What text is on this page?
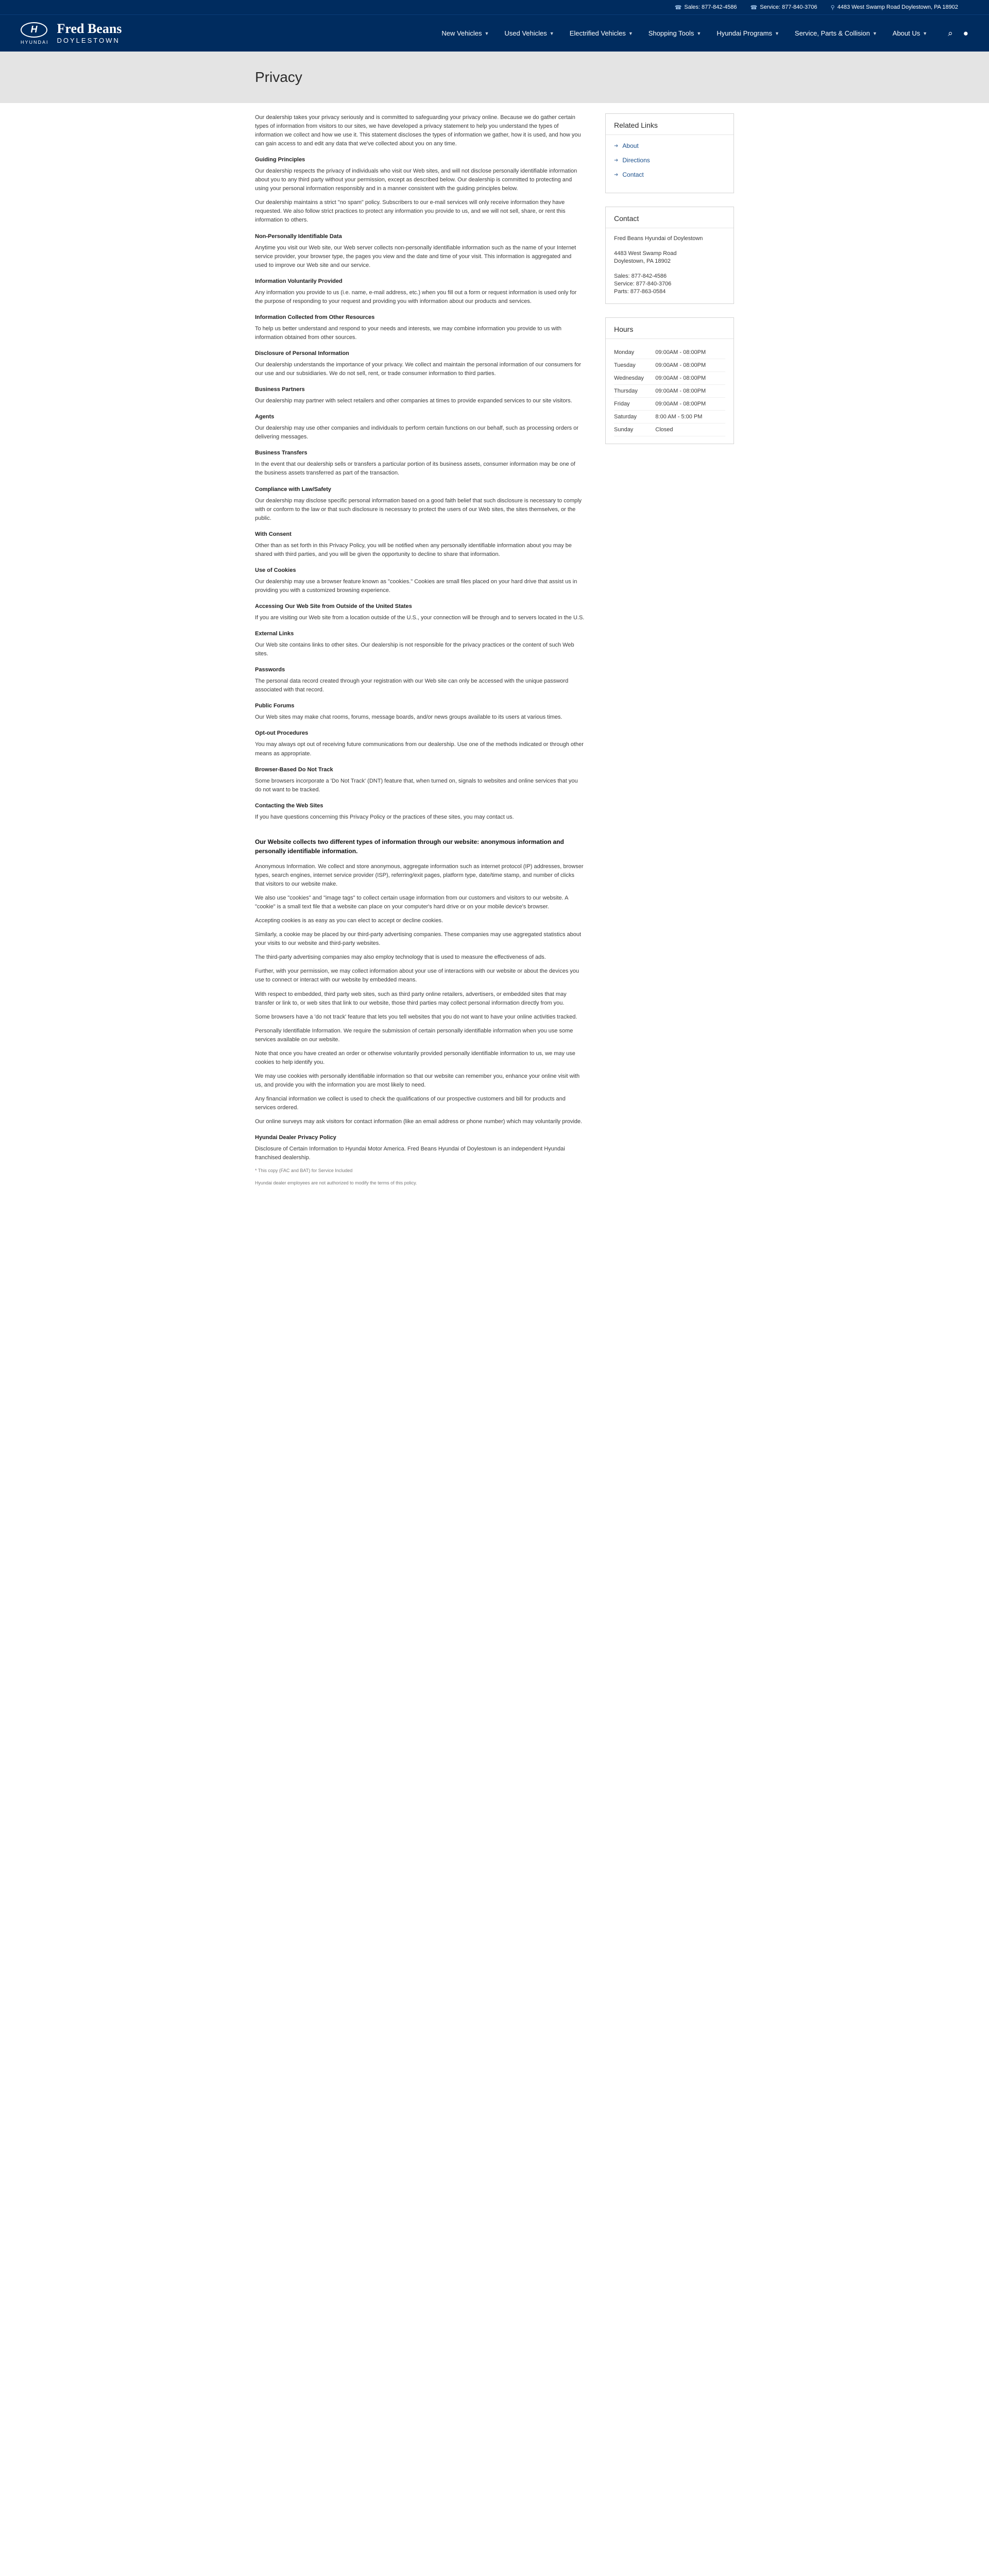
☎ Sales: 877-842-4586 ☎ Service: 877-840-3706 ⚲ 4483 West Swamp Road Doylestown, PA 18902
H
HYUNDAI
Fred Beans
DOYLESTOWN
New Vehicles ▼ Used Vehicles ▼ Electrified Vehicles ▼ Shopping Tools ▼ Hyundai Programs ▼ Service, Parts & Collision ▼ About Us ▼ ⌕ ●
Privacy

Our dealership takes your privacy seriously and is committed to safeguarding your privacy online. Because we do gather certain types of information from visitors to our sites, we have developed a privacy statement to help you understand the types of information we collect and how we use it. This statement discloses the types of information we gather, how it is used, and how you can gain access to and edit any data that we've collected about you on any time.

Guiding Principles

Our dealership respects the privacy of individuals who visit our Web sites, and will not disclose personally identifiable information about you to any third party without your permission, except as described below. Our dealership is committed to protecting and using your personal information responsibly and in a manner consistent with the guiding principles below.

Our dealership maintains a strict "no spam" policy. Subscribers to our e-mail services will only receive information they have requested. We also follow strict practices to protect any information you provide to us, and we will not sell, share, or rent this information to others.

Non-Personally Identifiable Data

Anytime you visit our Web site, our Web server collects non-personally identifiable information such as the name of your Internet service provider, your browser type, the pages you view and the date and time of your visit. This information is aggregated and used to improve our Web site and our service.

Information Voluntarily Provided

Any information you provide to us (i.e. name, e-mail address, etc.) when you fill out a form or request information is used only for the purpose of responding to your request and providing you with information about our products and services.

Information Collected from Other Resources

To help us better understand and respond to your needs and interests, we may combine information you provide to us with information obtained from other sources.

Disclosure of Personal Information

Our dealership understands the importance of your privacy. We collect and maintain the personal information of our consumers for our use and our subsidiaries. We do not sell, rent, or trade consumer information to third parties.

Business Partners

Our dealership may partner with select retailers and other companies at times to provide expanded services to our site visitors.

Agents

Our dealership may use other companies and individuals to perform certain functions on our behalf, such as processing orders or delivering messages.

Business Transfers

In the event that our dealership sells or transfers a particular portion of its business assets, consumer information may be one of the business assets transferred as part of the transaction.

Compliance with Law/Safety

Our dealership may disclose specific personal information based on a good faith belief that such disclosure is necessary to comply with or conform to the law or that such disclosure is necessary to protect the users of our Web sites, the sites themselves, or the public.

With Consent

Other than as set forth in this Privacy Policy, you will be notified when any personally identifiable information about you may be shared with third parties, and you will be given the opportunity to decline to share that information.

Use of Cookies

Our dealership may use a browser feature known as "cookies." Cookies are small files placed on your hard drive that assist us in providing you with a customized browsing experience.

Accessing Our Web Site from Outside of the United States

If you are visiting our Web site from a location outside of the U.S., your connection will be through and to servers located in the U.S.

External Links

Our Web site contains links to other sites. Our dealership is not responsible for the privacy practices or the content of such Web sites.

Passwords

The personal data record created through your registration with our Web site can only be accessed with the unique password associated with that record.

Public Forums

Our Web sites may make chat rooms, forums, message boards, and/or news groups available to its users at various times.

Opt-out Procedures

You may always opt out of receiving future communications from our dealership. Use one of the methods indicated or through other means as appropriate.

Browser-Based Do Not Track

Some browsers incorporate a 'Do Not Track' (DNT) feature that, when turned on, signals to websites and online services that you do not want to be tracked.

Contacting the Web Sites

If you have questions concerning this Privacy Policy or the practices of these sites, you may contact us.

Our Website collects two different types of information through our website: anonymous information and personally identifiable information.

Anonymous Information. We collect and store anonymous, aggregate information such as internet protocol (IP) addresses, browser types, search engines, internet service provider (ISP), referring/exit pages, platform type, date/time stamp, and number of clicks that visitors to our website make.

We also use "cookies" and "image tags" to collect certain usage information from our customers and visitors to our website. A "cookie" is a small text file that a website can place on your computer's hard drive or on your mobile device's browser.

Accepting cookies is as easy as you can elect to accept or decline cookies.

Similarly, a cookie may be placed by our third-party advertising companies. These companies may use aggregated statistics about your visits to our website and third-party websites.

The third-party advertising companies may also employ technology that is used to measure the effectiveness of ads.

Further, with your permission, we may collect information about your use of interactions with our website or about the devices you use to connect or interact with our website by embedded means.

With respect to embedded, third party web sites, such as third party online retailers, advertisers, or embedded sites that may transfer or link to, or web sites that link to our website, those third parties may collect personal information directly from you.

Some browsers have a 'do not track' feature that lets you tell websites that you do not want to have your online activities tracked.

Personally Identifiable Information. We require the submission of certain personally identifiable information when you use some services available on our website.

Note that once you have created an order or otherwise voluntarily provided personally identifiable information to us, we may use cookies to help identify you.

We may use cookies with personally identifiable information so that our website can remember you, enhance your online visit with us, and provide you with the information you are most likely to need.

Any financial information we collect is used to check the qualifications of our prospective customers and bill for products and services ordered.

Our online surveys may ask visitors for contact information (like an email address or phone number) which may voluntarily provide.

Hyundai Dealer Privacy Policy

Disclosure of Certain Information to Hyundai Motor America. Fred Beans Hyundai of Doylestown is an independent Hyundai franchised dealership.

* This copy (FAC and BAT) for Service Included

Hyundai dealer employees are not authorized to modify the terms of this policy.

Related Links
➜ About
➜ Directions
➜ Contact
Contact
Fred Beans Hyundai of Doylestown
4483 West Swamp Road
Doylestown, PA 18902
Sales: 877-842-4586
Service: 877-840-3706
Parts: 877-863-0584
Hours
Monday	09:00AM - 08:00PM
Tuesday	09:00AM - 08:00PM
Wednesday	09:00AM - 08:00PM
Thursday	09:00AM - 08:00PM
Friday	09:00AM - 08:00PM
Saturday	8:00 AM - 5:00 PM
Sunday	Closed
